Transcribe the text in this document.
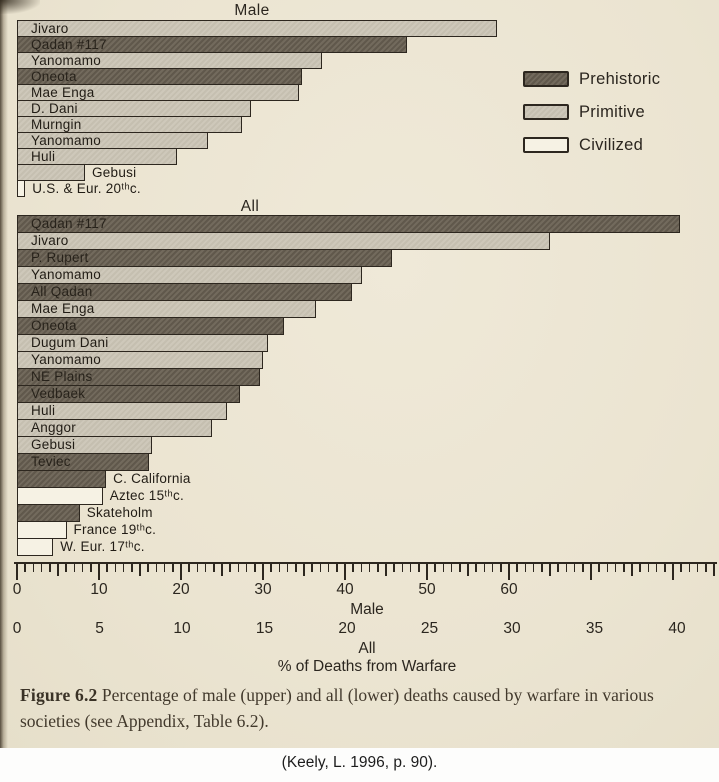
Male
All
Jivaro
Qadan #117
Yanomamo
Oneota
Mae Enga
D. Dani
Murngin
Yanomamo
Huli
Gebusi
U.S. & Eur. 20ᵗʰc.
Qadan #117
Jivaro
P. Rupert
Yanomamo
All Qadan
Mae Enga
Oneota
Dugum Dani
Yanomamo
NE Plains
Vedbaek
Huli
Anggor
Gebusi
Teviec
C. California
Aztec 15ᵗʰc.
Skateholm
France 19ᵗʰc.
W. Eur. 17ᵗʰc.
Prehistoric
Primitive
Civilized
0	10	20	30	40	50	60
0	5	10	15	20	25	30	35	40
Male
All
% of Deaths from Warfare
Figure 6.2 Percentage of male (upper) and all (lower) deaths caused by warfare in various societies (see Appendix, Table 6.2).
(Keely, L. 1996, p. 90).
